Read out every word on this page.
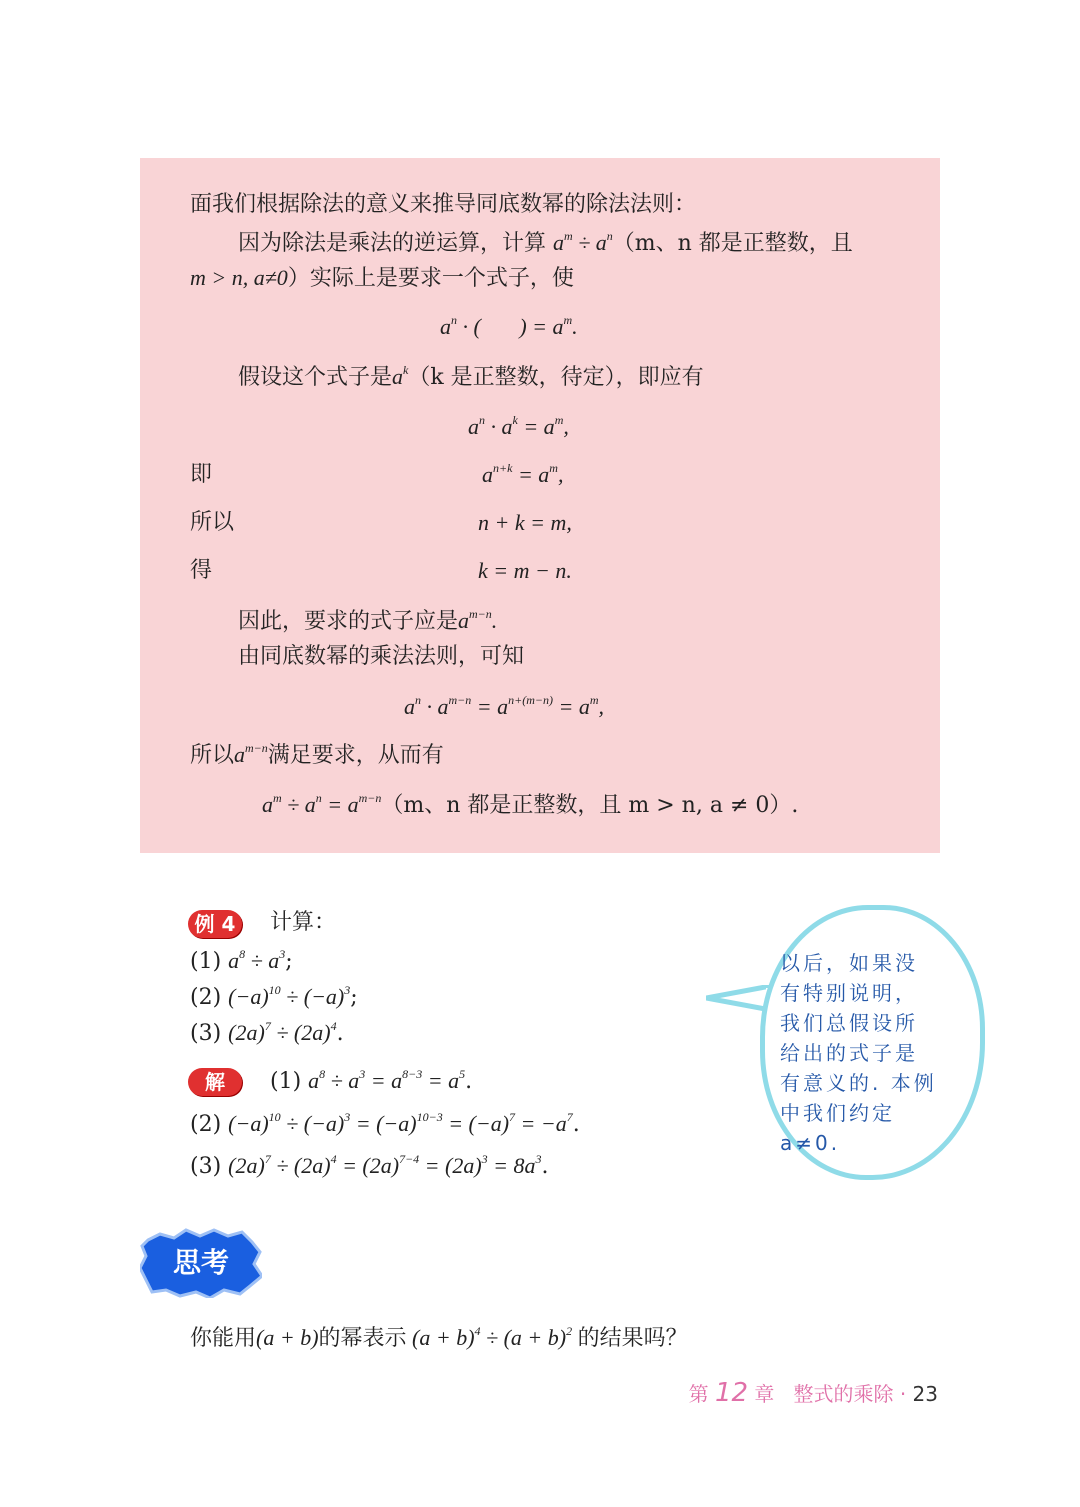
面我们根据除法的意义来推导同底数幂的除法法则：
因为除法是乘法的逆运算，计算 $a^m \div a^n(m$、n 都是正整数，且
m > n, a≠0）实际上是要求一个式子，使
$a^n$ · (       ) = $a^m$.
假设这个式子是$a^k(k$ 是正整数，待定），即应有
$a^n \cdot a^k = a^m$,
即	$a^{n+k} = a^m$,
所以	n + k = m,
得	k = m − n.
因此，要求的式子应是$a^{m-n}$.
由同底数幂的乘法法则，可知
$a^n \cdot a^{m-n} = a^{n+(m-n)} = a^m$,
所以$a^{m-n}$满足要求，从而有
$a^m \div a^n = a^{m-n}(m$、n 都是正整数，且 m > n, a ≠ 0）.
例 4 计算：
(1) $a^8 \div a^3$;
(2) $(-a)^{10} \div (-a)^3$;
(3) $(2a)^7 \div (2a)^4$.
解	(1) $a^8 \div a^3 = a^{8-3} = a^5$.
(2) $(-a)^{10} \div (-a)^3 = (-a)^{10-3} = (-a)^7 = -a^7$.
(3) $(2a)^7 \div (2a)^4 = (2a)^{7-4} = (2a)^3 = 8a^3$.
以后，如果没有特别说明，我们总假设所给出的式子是有意义的. 本例中我们约定 a≠0.
思考
你能用(a + b)的幂表示 $(a + b)^4 \div (a + b)^2$ 的结果吗？
第 12 章 整式的乘除 · 23
